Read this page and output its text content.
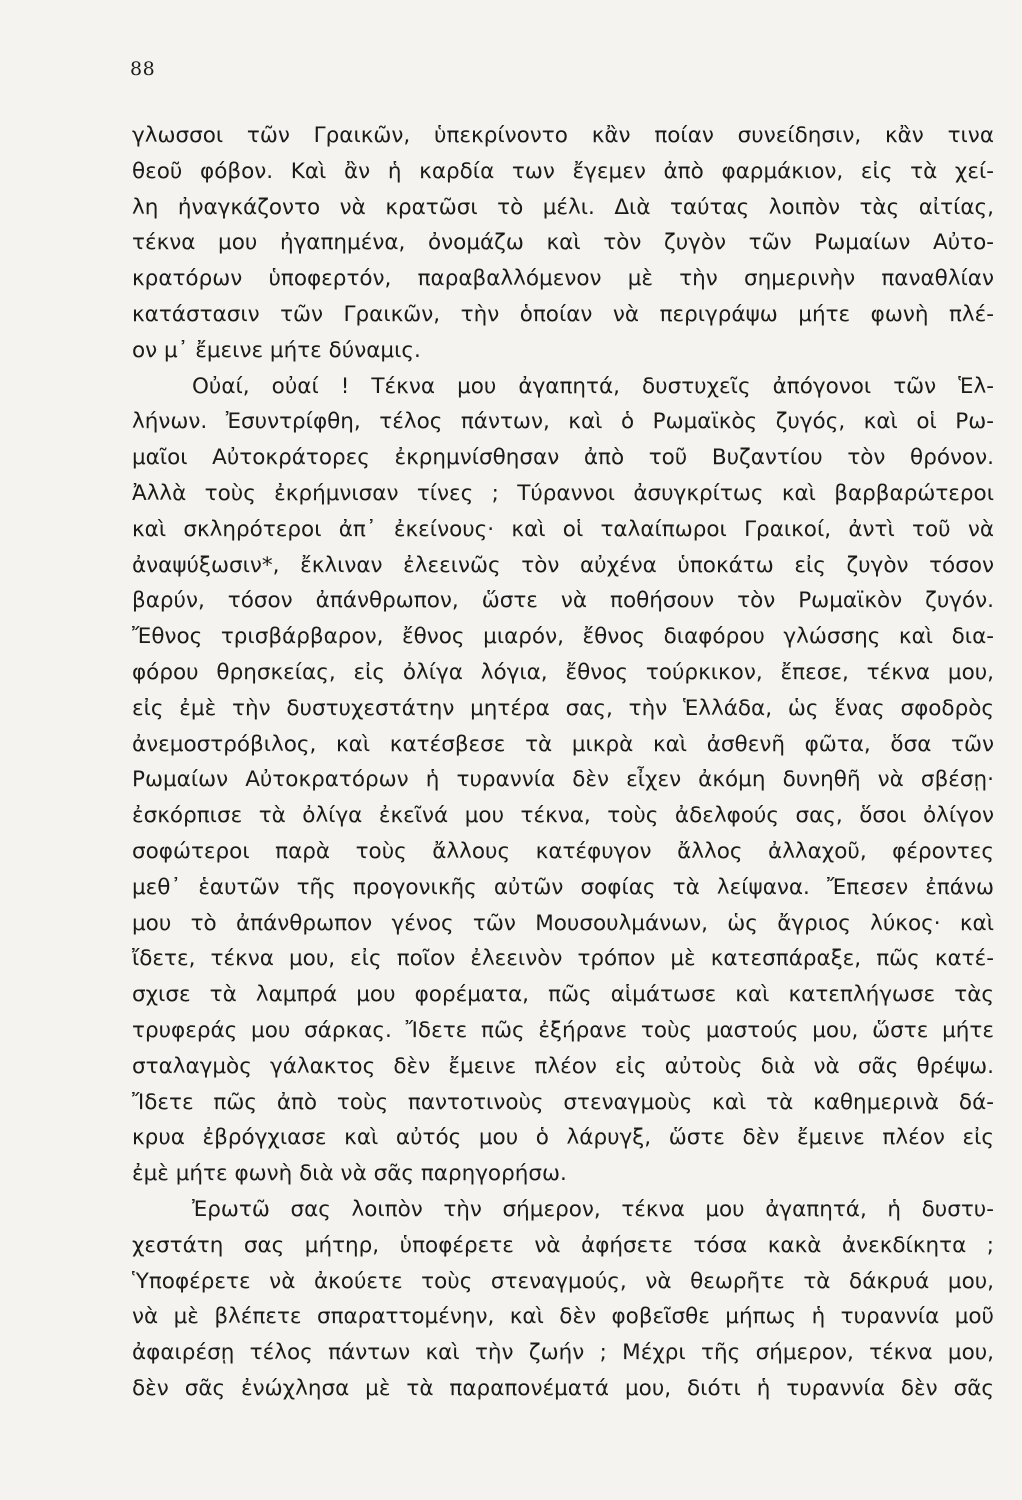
88
γλωσσοι τῶν Γραικῶν, ὑπεκρίνοντο κἂν ποίαν συνείδησιν, κἂν τινα
θεοῦ φόβον. Καὶ ἂν ἡ καρδία των ἔγεμεν ἀπὸ φαρμάκιον, εἰς τὰ χεί-
λη ἠναγκάζοντο νὰ κρατῶσι τὸ μέλι. Διὰ ταύτας λοιπὸν τὰς αἰτίας,
τέκνα μου ἠγαπημένα, ὀνομάζω καὶ τὸν ζυγὸν τῶν Ρωμαίων Αὐτο-
κρατόρων ὑποφερτόν, παραβαλλόμενον μὲ τὴν σημερινὴν παναθλίαν
κατάστασιν τῶν Γραικῶν, τὴν ὁποίαν νὰ περιγράψω μήτε φωνὴ πλέ-
ον μ᾽ ἔμεινε μήτε δύναμις.
Οὐαί, οὐαί ! Τέκνα μου ἀγαπητά, δυστυχεῖς ἀπόγονοι τῶν Ἑλ-
λήνων. Ἐσυντρίφθη, τέλος πάντων, καὶ ὁ Ρωμαϊκὸς ζυγός, καὶ οἱ Ρω-
μαῖοι Αὐτοκράτορες ἐκρημνίσθησαν ἀπὸ τοῦ Βυζαντίου τὸν θρόνον.
Ἀλλὰ τοὺς ἐκρήμνισαν τίνες ; Τύραννοι ἀσυγκρίτως καὶ βαρβαρώτεροι
καὶ σκληρότεροι ἀπ᾽ ἐκείνους· καὶ οἱ ταλαίπωροι Γραικοί, ἀντὶ τοῦ νὰ
ἀναψύξωσιν*, ἔκλιναν ἐλεεινῶς τὸν αὐχένα ὑποκάτω εἰς ζυγὸν τόσον
βαρύν, τόσον ἀπάνθρωπον, ὥστε νὰ ποθήσουν τὸν Ρωμαϊκὸν ζυγόν.
Ἔθνος τρισβάρβαρον, ἔθνος μιαρόν, ἔθνος διαφόρου γλώσσης καὶ δια-
φόρου θρησκείας, εἰς ὀλίγα λόγια, ἔθνος τούρκικον, ἔπεσε, τέκνα μου,
εἰς ἐμὲ τὴν δυστυχεστάτην μητέρα σας, τὴν Ἑλλάδα, ὡς ἕνας σφοδρὸς
ἀνεμοστρόβιλος, καὶ κατέσβεσε τὰ μικρὰ καὶ ἀσθενῆ φῶτα, ὅσα τῶν
Ρωμαίων Αὐτοκρατόρων ἡ τυραννία δὲν εἶχεν ἀκόμη δυνηθῆ νὰ σβέσῃ·
ἐσκόρπισε τὰ ὀλίγα ἐκεῖνά μου τέκνα, τοὺς ἀδελφούς σας, ὅσοι ὀλίγον
σοφώτεροι παρὰ τοὺς ἄλλους κατέφυγον ἄλλος ἀλλαχοῦ, φέροντες
μεθ᾽ ἑαυτῶν τῆς προγονικῆς αὐτῶν σοφίας τὰ λείψανα. Ἔπεσεν ἐπάνω
μου τὸ ἀπάνθρωπον γένος τῶν Μουσουλμάνων, ὡς ἄγριος λύκος· καὶ
ἴδετε, τέκνα μου, εἰς ποῖον ἐλεεινὸν τρόπον μὲ κατεσπάραξε, πῶς κατέ-
σχισε τὰ λαμπρά μου φορέματα, πῶς αἱμάτωσε καὶ κατεπλήγωσε τὰς
τρυφεράς μου σάρκας. Ἴδετε πῶς ἐξήρανε τοὺς μαστούς μου, ὥστε μήτε
σταλαγμὸς γάλακτος δὲν ἔμεινε πλέον εἰς αὐτοὺς διὰ νὰ σᾶς θρέψω.
Ἴδετε πῶς ἀπὸ τοὺς παντοτινοὺς στεναγμοὺς καὶ τὰ καθημερινὰ δά-
κρυα ἐβρόγχιασε καὶ αὐτός μου ὁ λάρυγξ, ὥστε δὲν ἔμεινε πλέον εἰς
ἐμὲ μήτε φωνὴ διὰ νὰ σᾶς παρηγορήσω.
Ἐρωτῶ σας λοιπὸν τὴν σήμερον, τέκνα μου ἀγαπητά, ἡ δυστυ-
χεστάτη σας μήτηρ, ὑποφέρετε νὰ ἀφήσετε τόσα κακὰ ἀνεκδίκητα ;
Ὑποφέρετε νὰ ἀκούετε τοὺς στεναγμούς, νὰ θεωρῆτε τὰ δάκρυά μου,
νὰ μὲ βλέπετε σπαραττομένην, καὶ δὲν φοβεῖσθε μήπως ἡ τυραννία μοῦ
ἀφαιρέσῃ τέλος πάντων καὶ τὴν ζωήν ; Μέχρι τῆς σήμερον, τέκνα μου,
δὲν σᾶς ἐνώχλησα μὲ τὰ παραπονέματά μου, διότι ἡ τυραννία δὲν σᾶς
